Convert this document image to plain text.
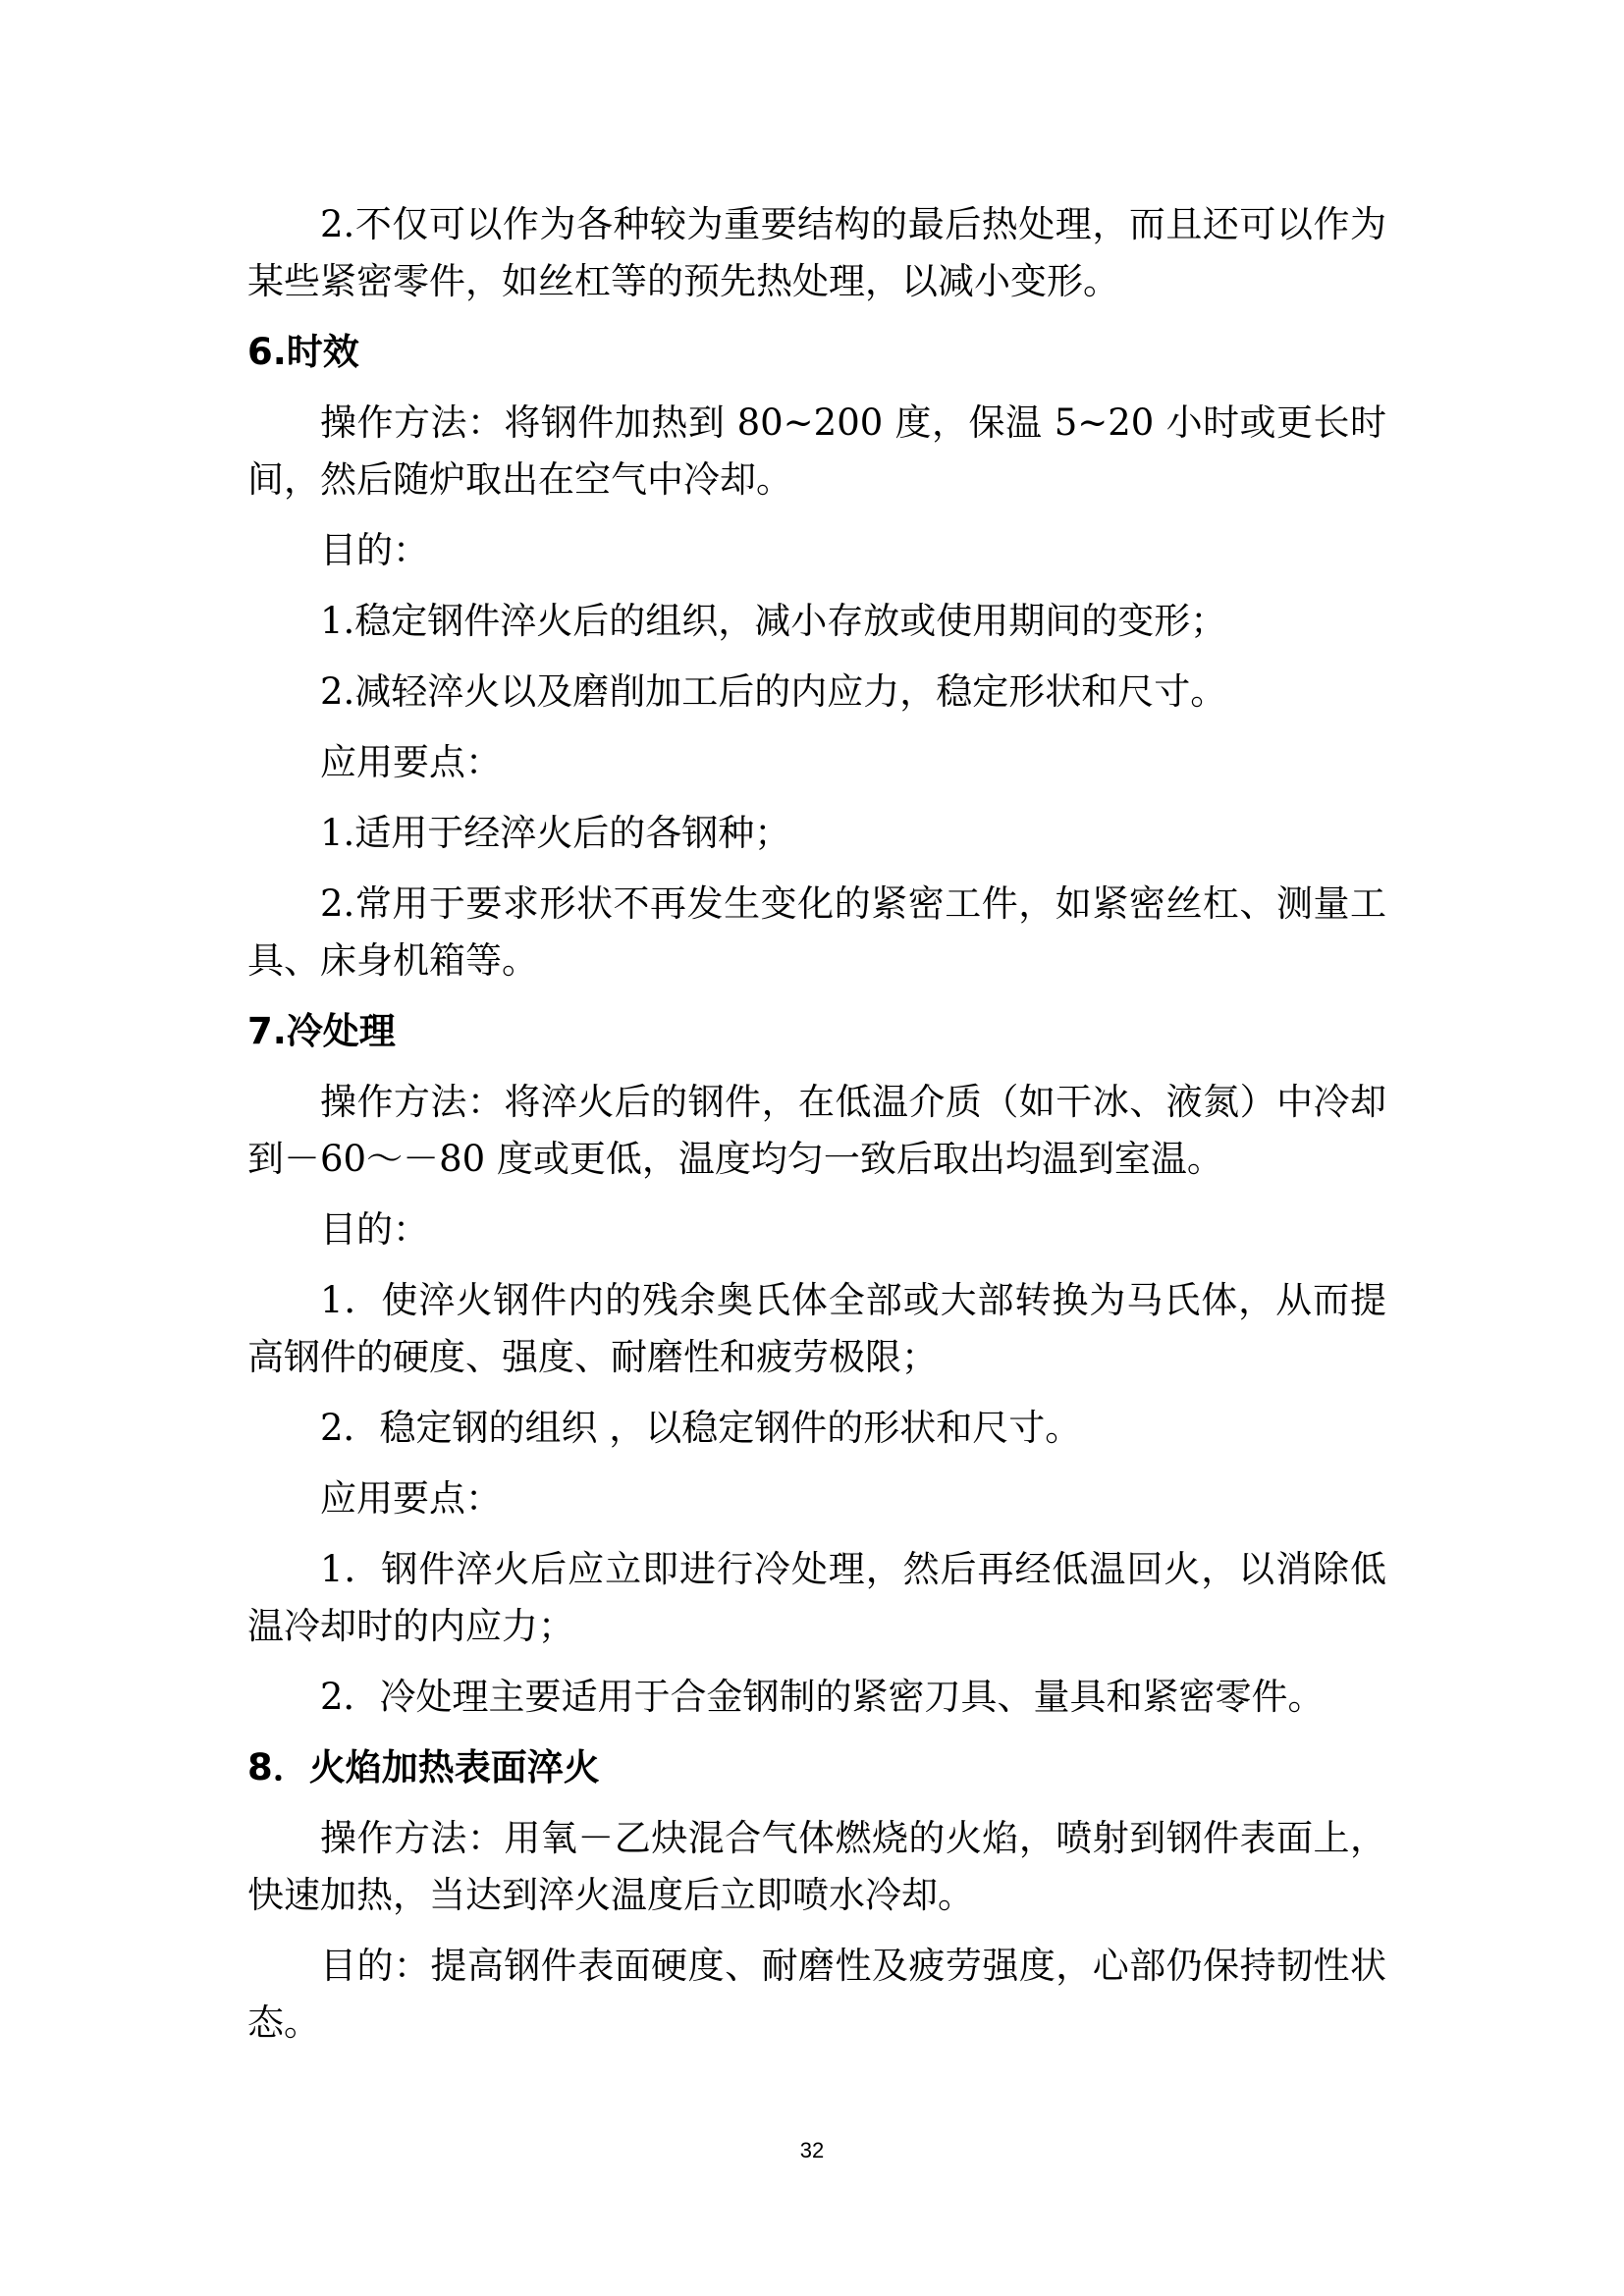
2.不仅可以作为各种较为重要结构的最后热处理，而且还可以作为某些紧密零件，如丝杠等的预先热处理，以减小变形。

6.时效

操作方法：将钢件加热到 80~200 度，保温 5~20 小时或更长时间，然后随炉取出在空气中冷却。

目的：

1.稳定钢件淬火后的组织，减小存放或使用期间的变形；

2.减轻淬火以及磨削加工后的内应力，稳定形状和尺寸。

应用要点：

1.适用于经淬火后的各钢种；

2.常用于要求形状不再发生变化的紧密工件，如紧密丝杠、测量工具、床身机箱等。

7.冷处理

操作方法：将淬火后的钢件，在低温介质（如干冰、液氮）中冷却到－60～－80 度或更低，温度均匀一致后取出均温到室温。

目的：

1．使淬火钢件内的残余奥氏体全部或大部转换为马氏体，从而提高钢件的硬度、强度、耐磨性和疲劳极限；

2．稳定钢的组织 ，以稳定钢件的形状和尺寸。

应用要点：

1．钢件淬火后应立即进行冷处理，然后再经低温回火，以消除低温冷却时的内应力；

2．冷处理主要适用于合金钢制的紧密刀具、量具和紧密零件。

8．火焰加热表面淬火

操作方法：用氧－乙炔混合气体燃烧的火焰，喷射到钢件表面上，快速加热，当达到淬火温度后立即喷水冷却。

目的：提高钢件表面硬度、耐磨性及疲劳强度，心部仍保持韧性状态。

32
